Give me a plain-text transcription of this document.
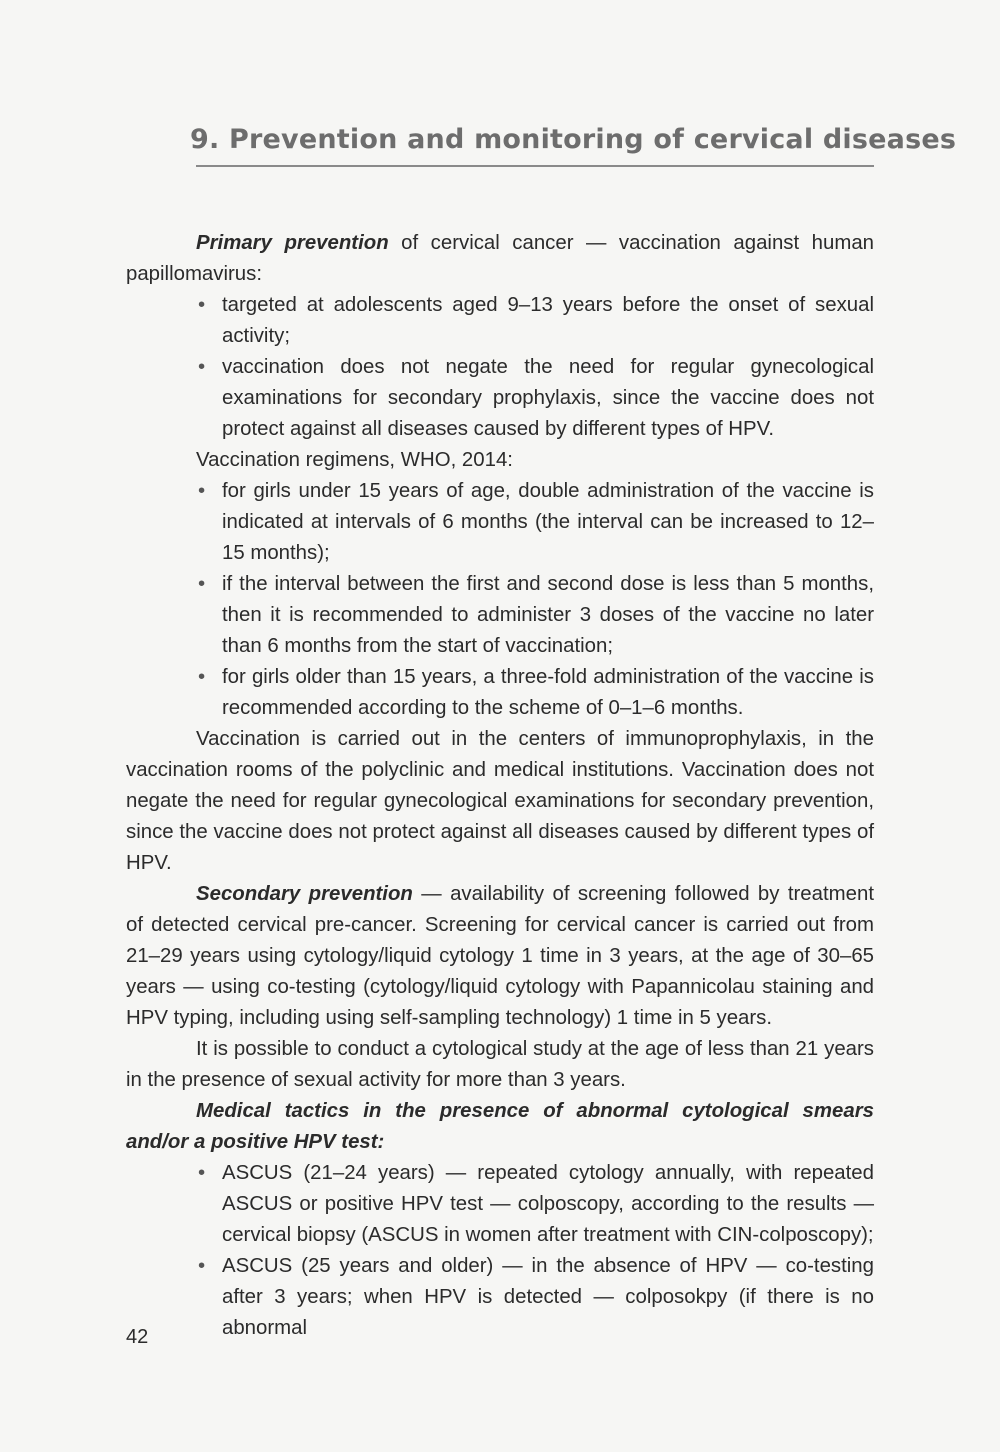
9. Prevention and monitoring of cervical diseases

Primary prevention of cervical cancer — vaccination against human papillomavirus:

• targeted at adolescents aged 9–13 years before the onset of sexual activity;
• vaccination does not negate the need for regular gynecological examinations for secondary prophylaxis, since the vaccine does not protect against all diseases caused by different types of HPV.

Vaccination regimens, WHO, 2014:

• for girls under 15 years of age, double administration of the vaccine is indicated at intervals of 6 months (the interval can be increased to 12–15 months);
• if the interval between the first and second dose is less than 5 months, then it is recommended to administer 3 doses of the vaccine no later than 6 months from the start of vaccination;
• for girls older than 15 years, a three-fold administration of the vaccine is recommended according to the scheme of 0–1–6 months.

Vaccination is carried out in the centers of immunoprophylaxis, in the vaccination rooms of the polyclinic and medical institutions. Vaccination does not negate the need for regular gynecological examinations for secondary prevention, since the vaccine does not protect against all diseases caused by different types of HPV.

Secondary prevention — availability of screening followed by treatment of detected cervical pre-cancer. Screening for cervical cancer is carried out from 21–29 years using cytology/liquid cytology 1 time in 3 years, at the age of 30–65 years — using co-testing (cytology/liquid cytology with Papannicolau staining and HPV typing, including using self-sampling technology) 1 time in 5 years.

It is possible to conduct a cytological study at the age of less than 21 years in the presence of sexual activity for more than 3 years.

Medical tactics in the presence of abnormal cytological smears and/or a positive HPV test:

• ASCUS (21–24 years) — repeated cytology annually, with repeated ASCUS or positive HPV test — colposcopy, according to the results — cervical biopsy (ASCUS in women after treatment with CIN-colposcopy);
• ASCUS (25 years and older) — in the absence of HPV — co-testing after 3 years; when HPV is detected — colposokpy (if there is no abnormal
42
